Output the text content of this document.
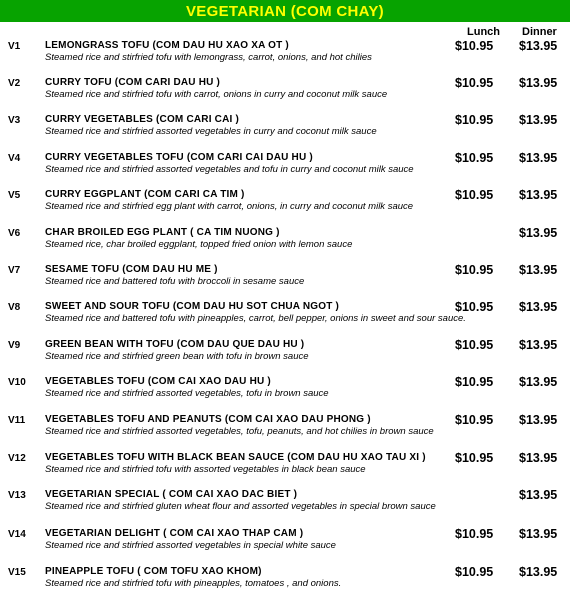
VEGETARIAN (COM CHAY)
Lunch Dinner
V1 LEMONGRASS TOFU (COM DAU HU XAO XA OT )
Steamed rice and stirfried tofu with lemongrass, carrot, onions, and hot chilies
$10.95 $13.95
V2 CURRY TOFU (COM CARI DAU HU )
Steamed rice and stirfried tofu with carrot, onions in curry and coconut milk sauce
$10.95 $13.95
V3 CURRY VEGETABLES (COM CARI CAI )
Steamed rice and stirfried assorted vegetables in curry and coconut milk sauce
$10.95 $13.95
V4 CURRY VEGETABLES TOFU (COM CARI CAI DAU HU )
Steamed rice and stirfried assorted vegetables and tofu in curry and coconut milk sauce
$10.95 $13.95
V5 CURRY EGGPLANT (COM CARI CA TIM )
Steamed rice and stirfried egg plant with carrot, onions, in curry and coconut milk sauce
$10.95 $13.95
V6 CHAR BROILED EGG PLANT ( CA TIM NUONG )
Steamed rice, char broiled eggplant, topped fried onion with lemon sauce
$13.95
V7 SESAME TOFU (COM DAU HU ME )
Steamed rice and battered tofu with broccoli in sesame sauce
$10.95 $13.95
V8 SWEET AND SOUR TOFU (COM DAU HU SOT CHUA NGOT )
Steamed rice and battered tofu with pineapples, carrot, bell pepper, onions in sweet and sour sauce.
$10.95 $13.95
V9 GREEN BEAN WITH TOFU (COM DAU QUE DAU HU )
Steamed rice and stirfried green bean with tofu in brown sauce
$10.95 $13.95
V10 VEGETABLES TOFU (COM CAI XAO DAU HU )
Steamed rice and stirfried assorted vegetables, tofu in brown sauce
$10.95 $13.95
V11 VEGETABLES TOFU AND PEANUTS (COM CAI XAO DAU PHONG )
Steamed rice and stirfried assorted vegetables, tofu, peanuts, and hot chilies in brown sauce
$10.95 $13.95
V12 VEGETABLES TOFU WITH BLACK BEAN SAUCE (COM DAU HU XAO TAU XI )
Steamed rice and stirfried tofu with assorted vegetables in black bean sauce
$10.95 $13.95
V13 VEGETARIAN SPECIAL ( COM CAI XAO DAC BIET )
Steamed rice and stirfried gluten wheat flour and assorted vegetables in special brown sauce
$13.95
V14 VEGETARIAN DELIGHT ( COM CAI XAO THAP CAM )
Steamed rice and stirfried assorted vegetables in special white sauce
$10.95 $13.95
V15 PINEAPPLE TOFU ( COM TOFU XAO KHOM)
Steamed rice and stirfried tofu with pineapples, tomatoes , and onions.
$10.95 $13.95
